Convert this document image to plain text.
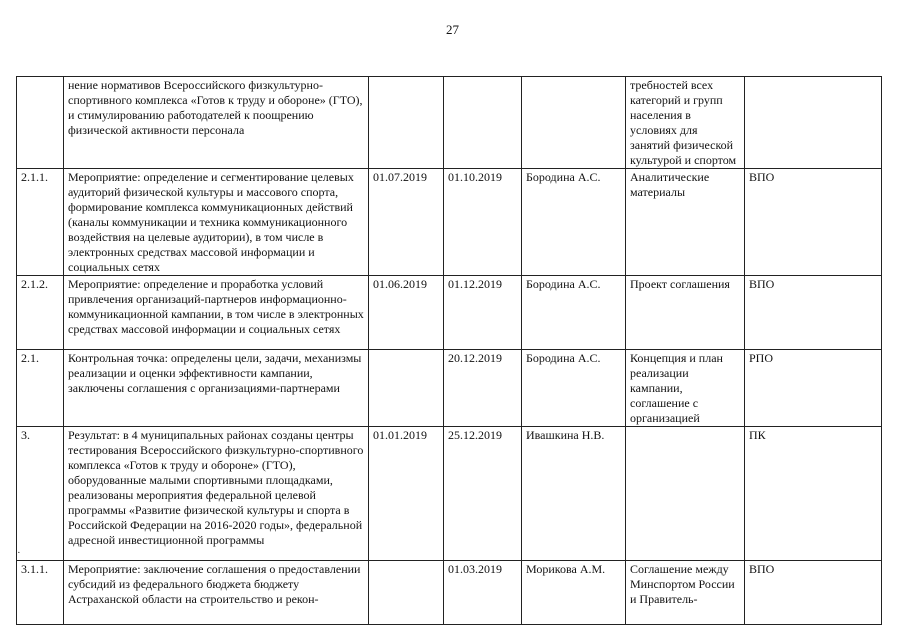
27
	нение нормативов Всероссийского физкультурно-спортивного комплекса «Готов к труду и обороне» (ГТО), и стимулированию работодателей к поощрению физической активности персонала				требностей всех категорий и групп населения в условиях для занятий физической культурой и спортом	
2.1.1.	Мероприятие: определение и сегментирование целевых аудиторий физической культуры и массового спорта, формирование комплекса коммуникационных действий (каналы коммуникации и техника коммуникационного воздействия на целевые аудитории), в том числе в электронных средствах массовой информации и социальных сетях	01.07.2019	01.10.2019	Бородина А.С.	Аналитические материалы	ВПО
2.1.2.	Мероприятие: определение и проработка условий привлечения организаций-партнеров информационно-коммуникационной кампании, в том числе в электронных средствах массовой информации и социальных сетях	01.06.2019	01.12.2019	Бородина А.С.	Проект соглашения	ВПО
2.1.	Контрольная точка: определены цели, задачи, механизмы реализации и оценки эффективности кампании, заключены соглашения с организациями-партнерами		20.12.2019	Бородина А.С.	Концепция и план реализации кампании, соглашение с организацией	РПО
3.	Результат: в 4 муниципальных районах созданы центры тестирования Всероссийского физкультурно-спортивного комплекса «Готов к труду и обороне» (ГТО), оборудованные малыми спортивными площадками, реализованы мероприятия федеральной целевой программы «Развитие физической культуры и спорта в Российской Федерации на 2016-2020 годы», федеральной адресной инвестиционной программы	01.01.2019	25.12.2019	Ивашкина Н.В.		ПК
3.1.1.	Мероприятие: заключение соглашения о предоставлении субсидий из федерального бюджета бюджету Астраханской области на строительство и рекон-		01.03.2019	Морикова А.М.	Соглашение между Минспортом России и Правитель-	ВПО
·
